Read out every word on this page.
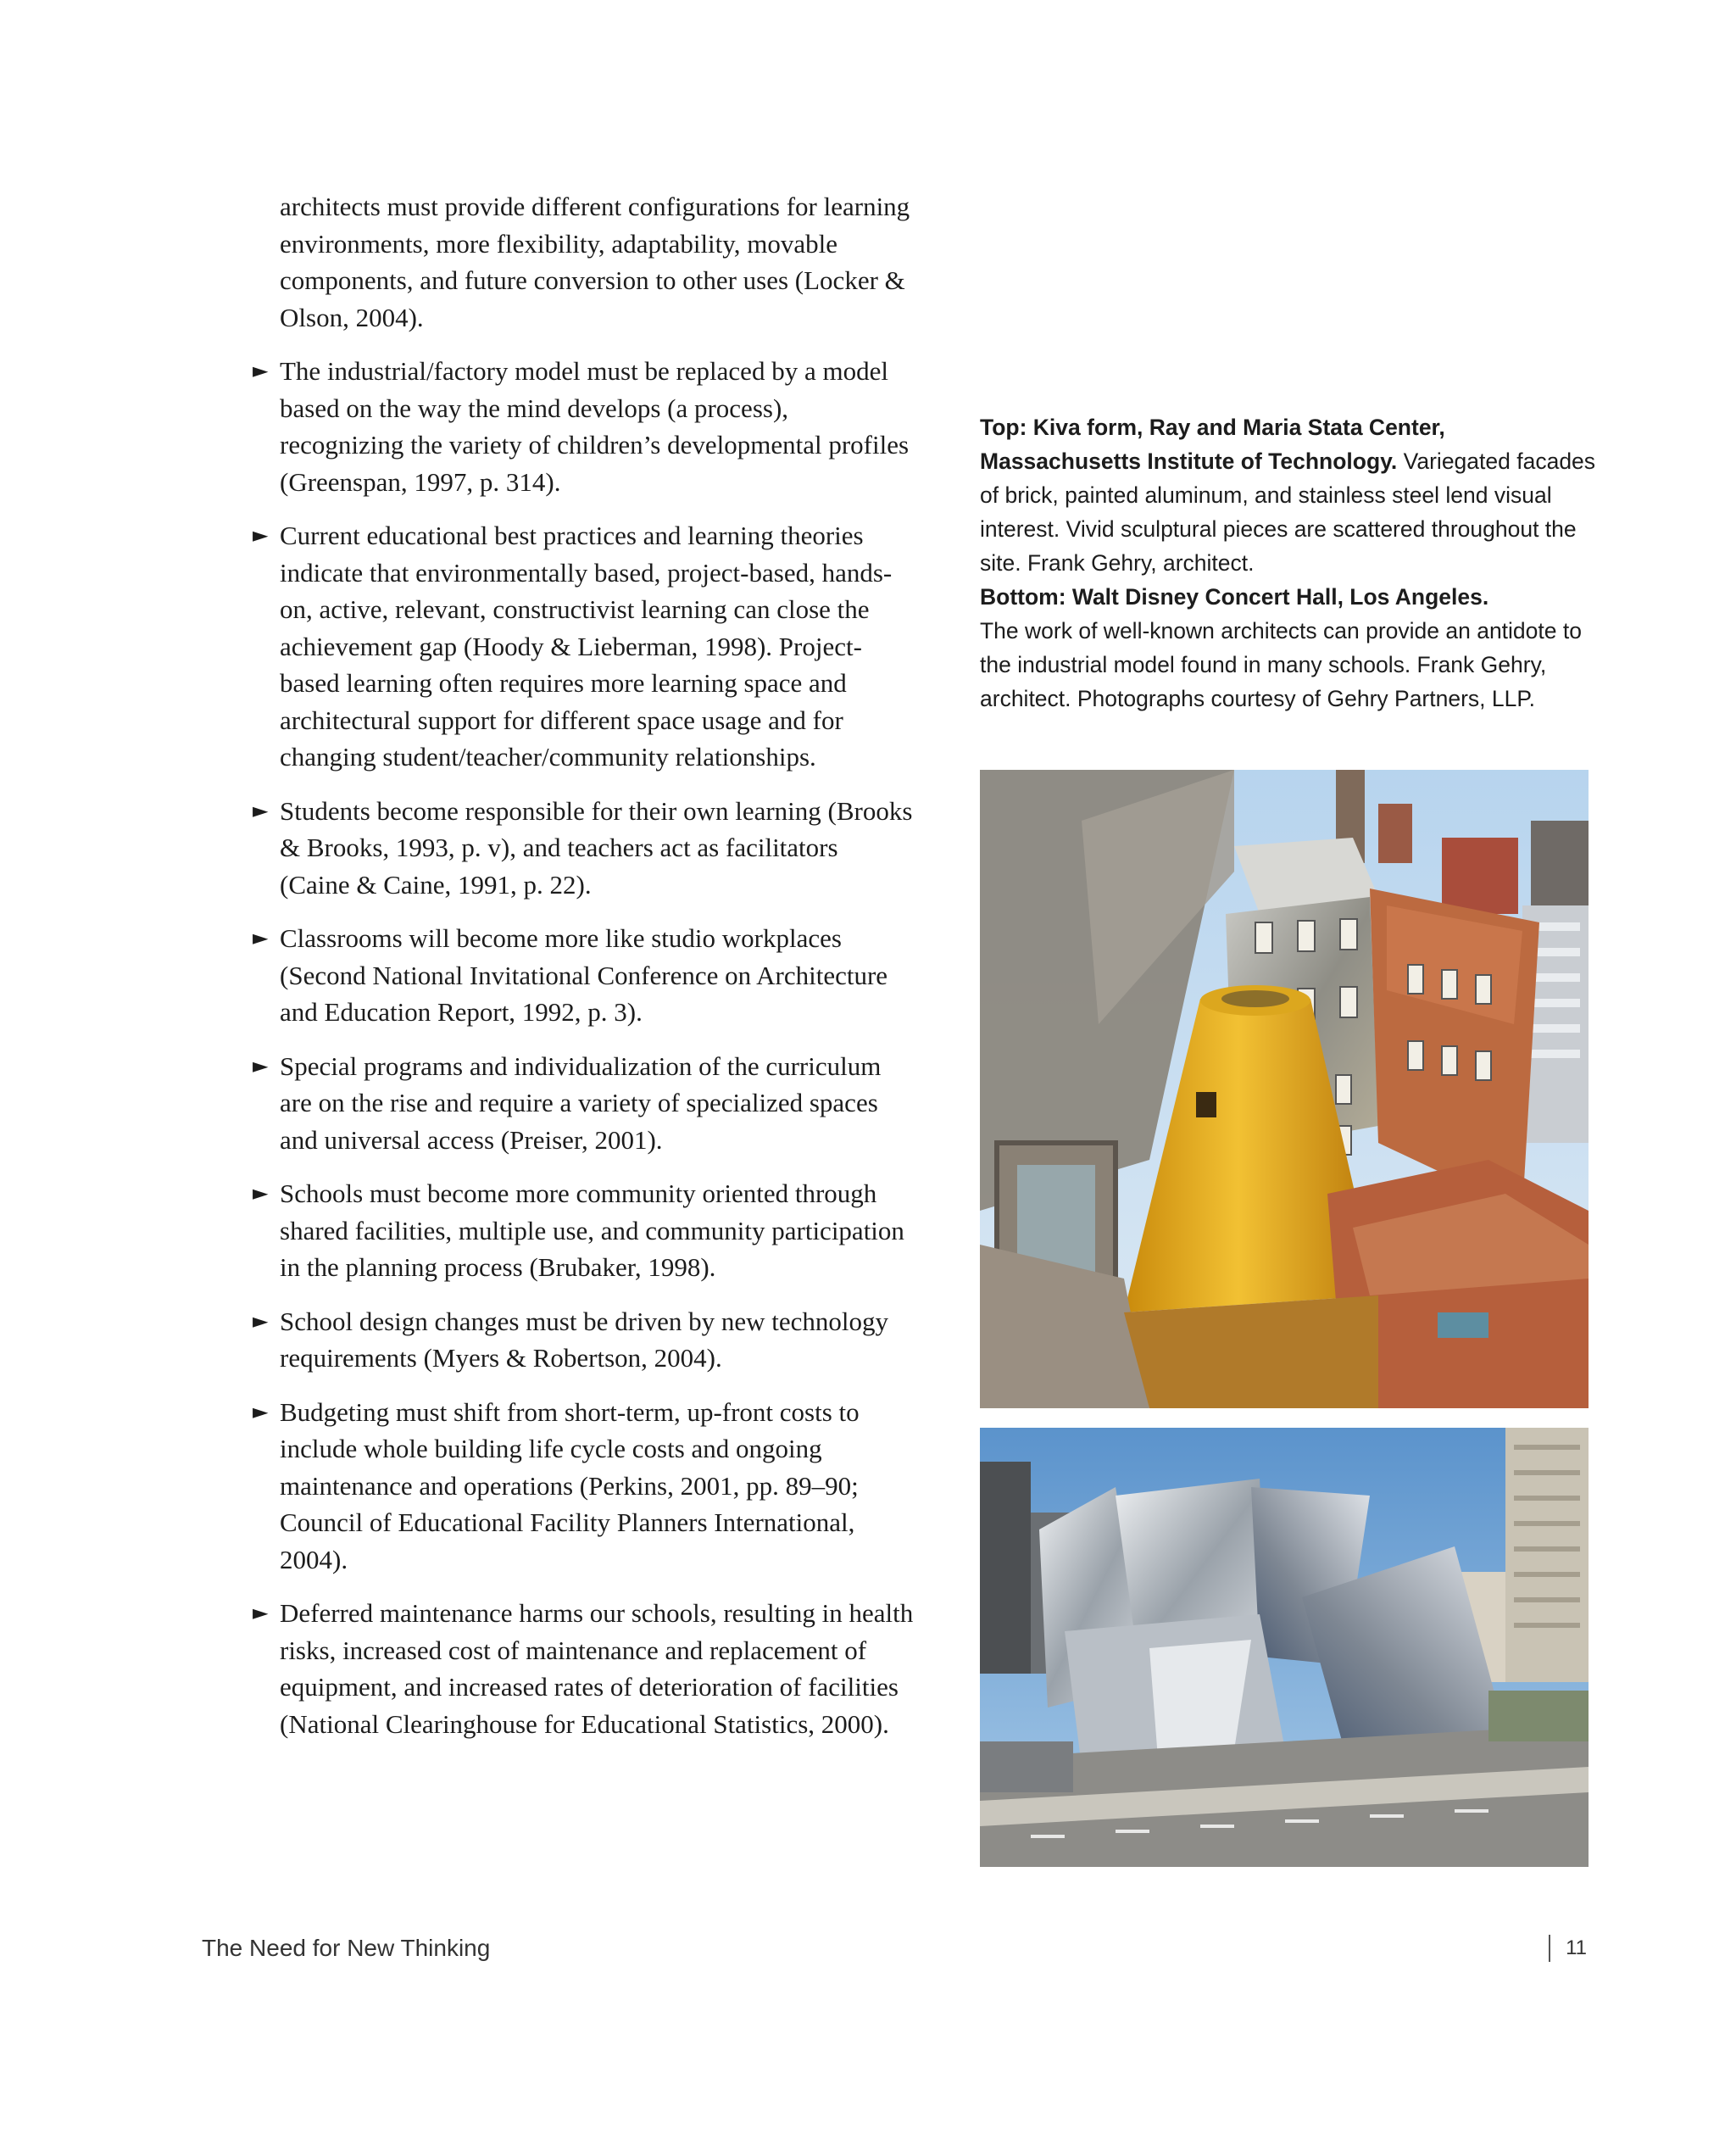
architects must provide different configurations for learning environments, more flexibility, adaptability, movable components, and future conversion to other uses (Locker & Olson, 2004).

► The industrial/factory model must be replaced by a model based on the way the mind develops (a process), recognizing the variety of children’s developmental profiles (Greenspan, 1997, p. 314).
► Current educational best practices and learning theories indicate that environmentally based, project-based, hands-on, active, relevant, constructivist learning can close the achievement gap (Hoody & Lieberman, 1998). Project-based learning often requires more learning space and architectural support for different space usage and for changing student/teacher/community relationships.
► Students become responsible for their own learning (Brooks & Brooks, 1993, p. v), and teachers act as facilitators (Caine & Caine, 1991, p. 22).
► Classrooms will become more like studio workplaces (Second National Invitational Conference on Architecture and Education Report, 1992, p. 3).
► Special programs and individualization of the curriculum are on the rise and require a variety of specialized spaces and universal access (Preiser, 2001).
► Schools must become more community oriented through shared facilities, multiple use, and community participation in the planning process (Brubaker, 1998).
► School design changes must be driven by new technology requirements (Myers & Robertson, 2004).
► Budgeting must shift from short-term, up-front costs to include whole building life cycle costs and ongoing maintenance and operations (Perkins, 2001, pp. 89–90; Council of Educational Facility Planners International, 2004).
► Deferred maintenance harms our schools, resulting in health risks, increased cost of maintenance and replacement of equipment, and increased rates of deterioration of facilities (National Clearinghouse for Educational Statistics, 2000).

Top: Kiva form, Ray and Maria Stata Center, Massachusetts Institute of Technology. Variegated facades of brick, painted aluminum, and stainless steel lend visual interest. Vivid sculptural pieces are scattered throughout the site. Frank Gehry, architect.
Bottom: Walt Disney Concert Hall, Los Angeles.
The work of well-known architects can provide an antidote to the industrial model found in many schools. Frank Gehry, architect. Photographs courtesy of Gehry Partners, LLP.

The Need for New Thinking	11
